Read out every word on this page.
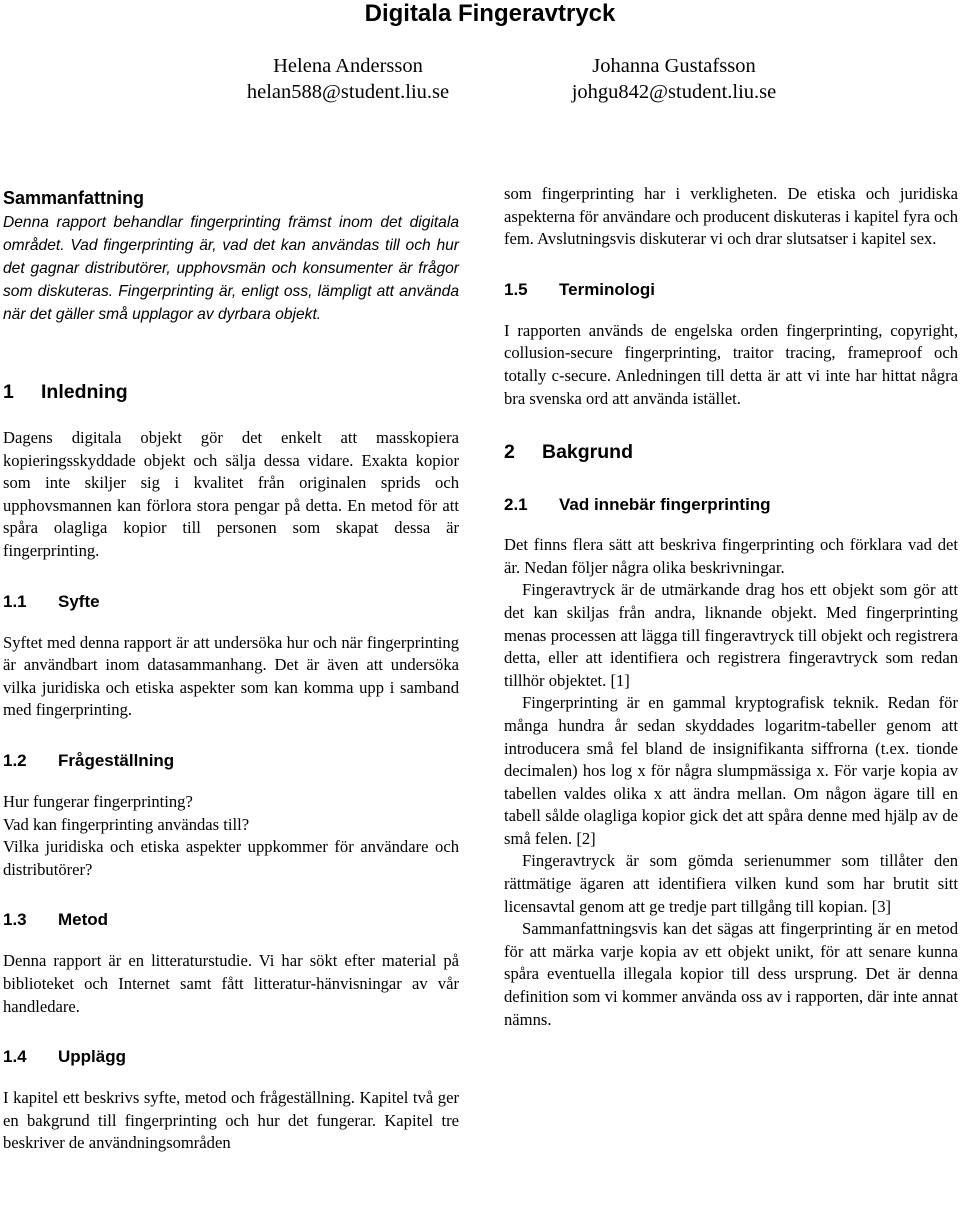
Digitala Fingeravtryck
Helena Andersson
helan588@student.liu.se
Johanna Gustafsson
johgu842@student.liu.se
Sammanfattning

Denna rapport behandlar fingerprinting främst inom det digitala området. Vad fingerprinting är, vad det kan användas till och hur det gagnar distributörer, upphovsmän och konsumenter är frågor som diskuteras. Fingerprinting är, enligt oss, lämpligt att använda när det gäller små upplagor av dyrbara objekt.

1	Inledning

Dagens digitala objekt gör det enkelt att masskopiera kopieringsskyddade objekt och sälja dessa vidare. Exakta kopior som inte skiljer sig i kvalitet från originalen sprids och upphovsmannen kan förlora stora pengar på detta. En metod för att spåra olagliga kopior till personen som skapat dessa är fingerprinting.

1.1	Syfte

Syftet med denna rapport är att undersöka hur och när fingerprinting är användbart inom datasammanhang. Det är även att undersöka vilka juridiska och etiska aspekter som kan komma upp i samband med fingerprinting.

1.2	Frågeställning

Hur fungerar fingerprinting?

Vad kan fingerprinting användas till?

Vilka juridiska och etiska aspekter uppkommer för användare och distributörer?

1.3	Metod

Denna rapport är en litteraturstudie. Vi har sökt efter material på biblioteket och Internet samt fått litteratur-hänvisningar av vår handledare.

1.4	Upplägg

I kapitel ett beskrivs syfte, metod och frågeställning. Kapitel två ger en bakgrund till fingerprinting och hur det fungerar. Kapitel tre beskriver de användningsområden

som fingerprinting har i verkligheten. De etiska och juridiska aspekterna för användare och producent diskuteras i kapitel fyra och fem. Avslutningsvis diskuterar vi och drar slutsatser i kapitel sex.

1.5	Terminologi

I rapporten används de engelska orden fingerprinting, copyright, collusion-secure fingerprinting, traitor tracing, frameproof och totally c-secure. Anledningen till detta är att vi inte har hittat några bra svenska ord att använda istället.

2	Bakgrund
2.1	Vad innebär fingerprinting

Det finns flera sätt att beskriva fingerprinting och förklara vad det är. Nedan följer några olika beskrivningar.

Fingeravtryck är de utmärkande drag hos ett objekt som gör att det kan skiljas från andra, liknande objekt. Med fingerprinting menas processen att lägga till fingeravtryck till objekt och registrera detta, eller att identifiera och registrera fingeravtryck som redan tillhör objektet. [1]

Fingerprinting är en gammal kryptografisk teknik. Redan för många hundra år sedan skyddades logaritm-tabeller genom att introducera små fel bland de insignifikanta siffrorna (t.ex. tionde decimalen) hos log x för några slumpmässiga x. För varje kopia av tabellen valdes olika x att ändra mellan. Om någon ägare till en tabell sålde olagliga kopior gick det att spåra denne med hjälp av de små felen. [2]

Fingeravtryck är som gömda serienummer som tillåter den rättmätige ägaren att identifiera vilken kund som har brutit sitt licensavtal genom att ge tredje part tillgång till kopian. [3]

Sammanfattningsvis kan det sägas att fingerprinting är en metod för att märka varje kopia av ett objekt unikt, för att senare kunna spåra eventuella illegala kopior till dess ursprung. Det är denna definition som vi kommer använda oss av i rapporten, där inte annat nämns.
